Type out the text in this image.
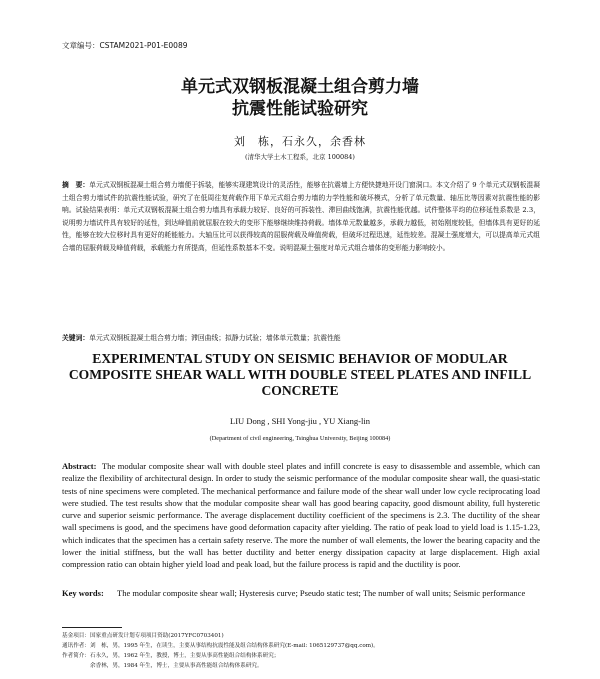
文章编号：CSTAM2021-P01-E0089
单元式双钢板混凝土组合剪力墙
抗震性能试验研究
刘　栋，石永久，余香林
(清华大学土木工程系，北京 100084)
摘　要：单元式双钢板混凝土组合剪力墙便于拆装，能够实现建筑设计的灵活性，能够在抗震墙上方便快捷地开设门窗洞口。本文介绍了 9 个单元式双钢板混凝土组合剪力墙试件的抗震性能试验，研究了在低周往复荷载作用下单元式组合剪力墙的力学性能和破坏模式，分析了单元数量、轴压比等因素对抗震性能的影响。试验结果表明：单元式双钢板混凝土组合剪力墙具有承载力较好、良好的可拆装性、滞回曲线饱满，抗震性能优越。试件整体平均的位移延性系数是 2.3，说明剪力墙试件具有较好的延性，到达峰值前就屈服在较大的变形下能够继续维持荷载。墙体单元数量越多，承载力越低，初始刚度较低，但墙体具有更好的延性，能够在较大位移时具有更好的耗能能力。大轴压比可以获得较高的屈服荷载及峰值荷载，但破坏过程迅速，延性较差。混凝土强度增大，可以提高单元式组合墙的屈服荷载及峰值荷载，承载能力有所提高，但延性系数基本不变。说明混凝土强度对单元式组合墙体的变形能力影响较小。
关键词：单元式双钢板混凝土组合剪力墙；滞回曲线；拟静力试验；墙体单元数量；抗震性能
EXPERIMENTAL STUDY ON SEISMIC BEHAVIOR OF MODULAR
COMPOSITE SHEAR WALL WITH DOUBLE STEEL PLATES AND INFILL
CONCRETE
LIU Dong , SHI Yong-jiu , YU Xiang-lin
(Department of civil engineering, Tsinghua University, Beijing 100084)
Abstract: The modular composite shear wall with double steel plates and infill concrete is easy to disassemble and assemble, which can realize the flexibility of architectural design. In order to study the seismic performance of the modular composite shear wall, the quasi-static tests of nine specimens were completed. The mechanical performance and failure mode of the shear wall under low cycle reciprocating load were studied. The test results show that the modular composite shear wall has good bearing capacity, good dismount ability, full hysteretic curve and superior seismic performance. The average displacement ductility coefficient of the specimens is 2.3. The ductility of the shear wall specimens is good, and the specimens have good deformation capacity after yielding. The ratio of peak load to yield load is 1.15-1.23, which indicates that the specimen has a certain safety reserve. The more the number of wall elements, the lower the bearing capacity and the lower the initial stiffness, but the wall has better ductility and better energy dissipation capacity at large displacement. High axial compression ratio can obtain higher yield load and peak load, but the failure process is rapid and the ductility is poor.
Key words: The modular composite shear wall; Hysteresis curve; Pseudo static test; The number of wall units; Seismic performance
基金项目：国家重点研发计划专项项目资助(2017YFC0703401)
通讯作者：刘　栋，男，1995 年生，在读生，主要从事结构抗震性能及组合结构体系研究(E-mail: 1065129737@qq.com)。
作者简介：石永久，男，1962 年生，教授，博士，主要从事高性能组合结构体系研究；
　　　　　余香林，男，1984 年生，博士，主要从事高性能组合结构体系研究。
